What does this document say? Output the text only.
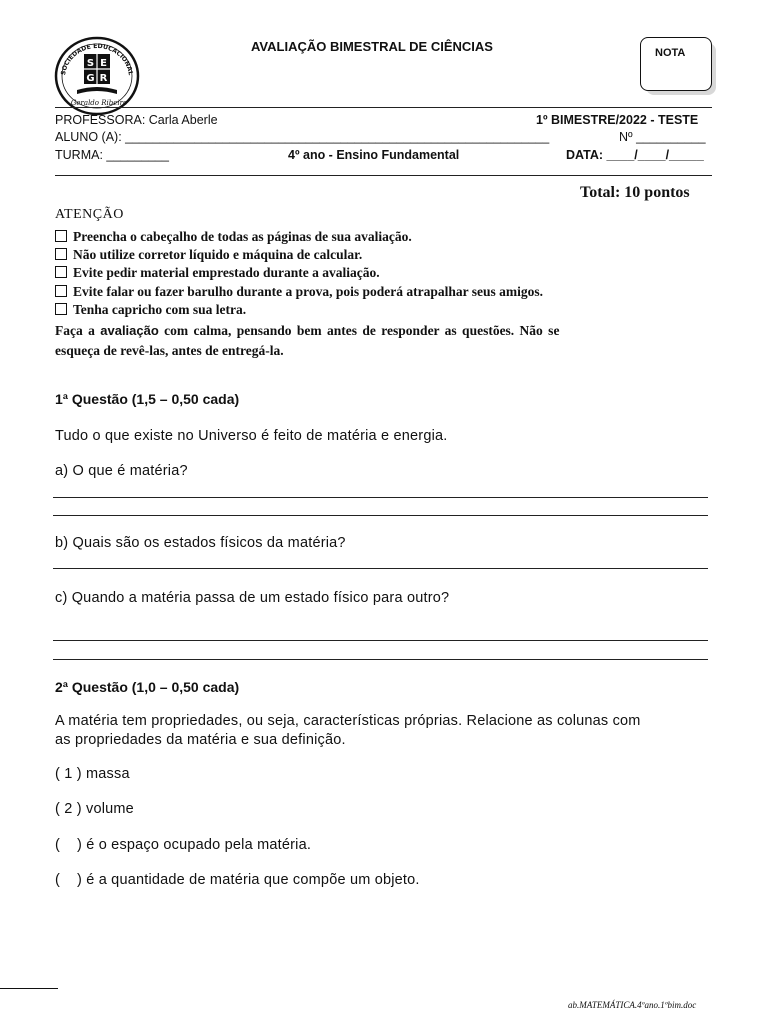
SOCIEDADE EDUCACIONAL
S E
G R
Geraldo Ribeiro
AVALIAÇÃO BIMESTRAL DE CIÊNCIAS	NOTA
PROFESSORA: Carla Aberle	1º BIMESTRE/2022 - TESTE
ALUNO (A): _____________________________________________________________	Nº __________
TURMA: _________	4º ano - Ensino Fundamental	DATA: ____/____/_____
Total: 10 pontos
ATENÇÃO
Preencha o cabeçalho de todas as páginas de sua avaliação.
Não utilize corretor líquido e máquina de calcular.
Evite pedir material emprestado durante a avaliação.
Evite falar ou fazer barulho durante a prova, pois poderá atrapalhar seus amigos.
Tenha capricho com sua letra.
Faça a avaliação com calma, pensando bem antes de responder as questões. Não se
esqueça de revê-las, antes de entregá-la.
1ª Questão (1,5 – 0,50 cada)
Tudo o que existe no Universo é feito de matéria e energia.
a) O que é matéria?
b) Quais são os estados físicos da matéria?
c) Quando a matéria passa de um estado físico para outro?
2ª Questão (1,0 – 0,50 cada)
A matéria tem propriedades, ou seja, características próprias. Relacione as colunas com
as propriedades da matéria e sua definição.
( 1 ) massa
( 2 ) volume
(    ) é o espaço ocupado pela matéria.
(    ) é a quantidade de matéria que compõe um objeto.
ab.MATEMÁTICA.4ºano.1ºbim.doc
